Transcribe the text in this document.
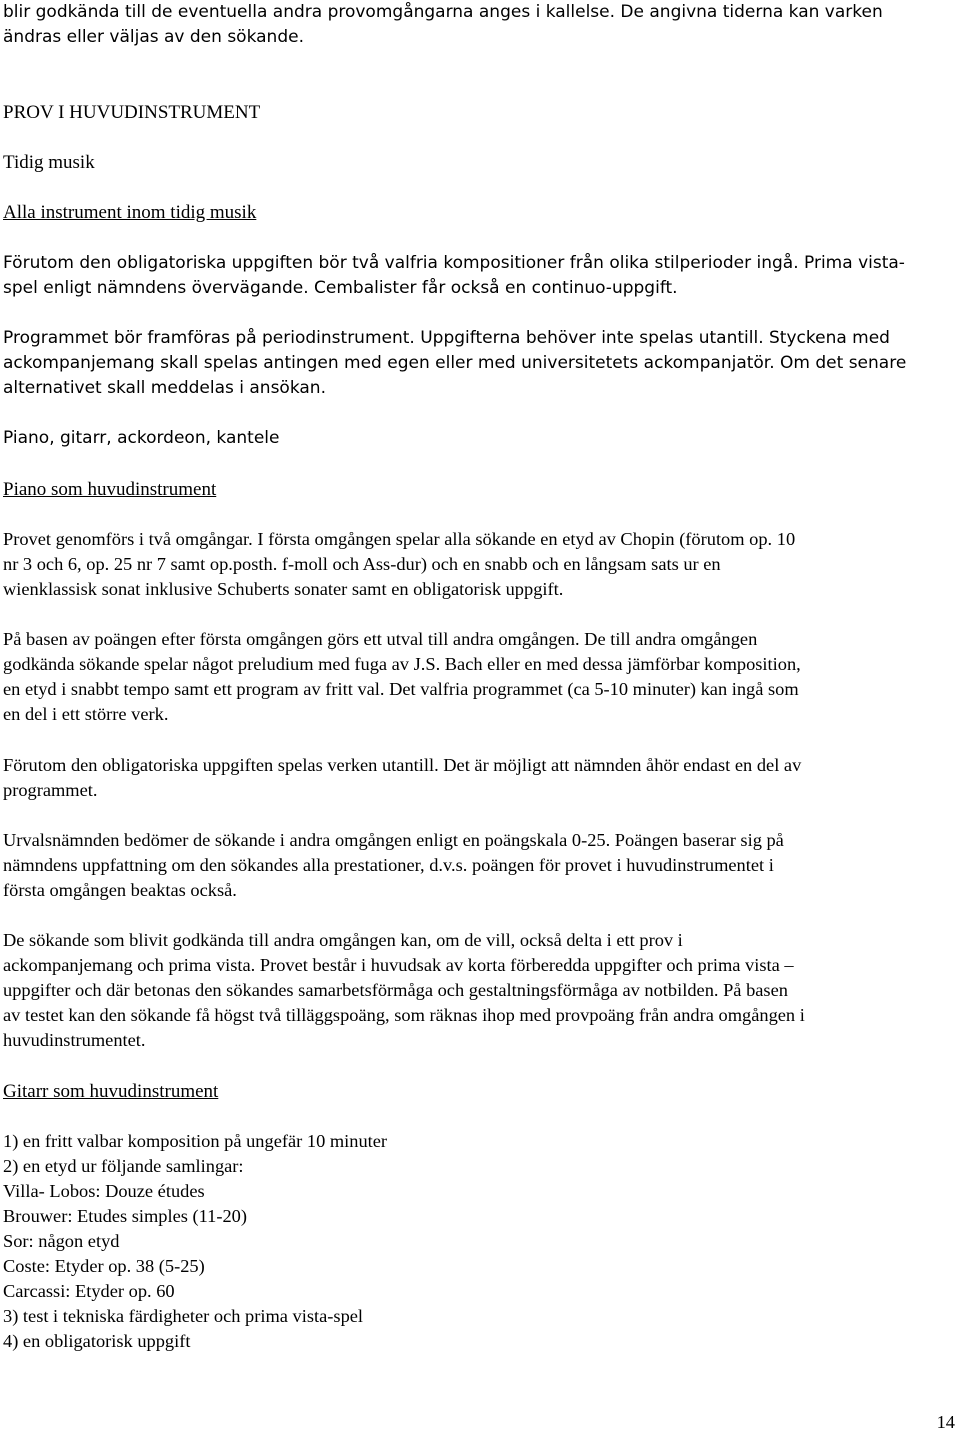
blir godkända till de eventuella andra provomgångarna anges i kallelse. De angivna tiderna kan varken

ändras eller väljas av den sökande.

PROV I HUVUDINSTRUMENT

Tidig musik

Alla instrument inom tidig musik

Förutom den obligatoriska uppgiften bör två valfria kompositioner från olika stilperioder ingå. Prima vista-

spel enligt nämndens övervägande. Cembalister får också en continuo-uppgift.

Programmet bör framföras på periodinstrument. Uppgifterna behöver inte spelas utantill. Styckena med

ackompanjemang skall spelas antingen med egen eller med universitetets ackompanjatör. Om det senare

alternativet skall meddelas i ansökan.

Piano, gitarr, ackordeon, kantele

Piano som huvudinstrument

Provet genomförs i två omgångar. I första omgången spelar alla sökande en etyd av Chopin (förutom op. 10

nr 3 och 6, op. 25 nr 7 samt op.posth. f-moll och Ass-dur) och en snabb och en långsam sats ur en

wienklassisk sonat inklusive Schuberts sonater samt en obligatorisk uppgift.

På basen av poängen efter första omgången görs ett utval till andra omgången. De till andra omgången

godkända sökande spelar något preludium med fuga av J.S. Bach eller en med dessa jämförbar komposition,

en etyd i snabbt tempo samt ett program av fritt val. Det valfria programmet (ca 5-10 minuter) kan ingå som

en del i ett större verk.

Förutom den obligatoriska uppgiften spelas verken utantill. Det är möjligt att nämnden åhör endast en del av

programmet.

Urvalsnämnden bedömer de sökande i andra omgången enligt en poängskala 0-25. Poängen baserar sig på

nämndens uppfattning om den sökandes alla prestationer, d.v.s. poängen för provet i huvudinstrumentet i

första omgången beaktas också.

De sökande som blivit godkända till andra omgången kan, om de vill, också delta i ett prov i

ackompanjemang och prima vista. Provet består i huvudsak av korta förberedda uppgifter och prima vista –

uppgifter och där betonas den sökandes samarbetsförmåga och gestaltningsförmåga av notbilden. På basen

av testet kan den sökande få högst två tilläggspoäng, som räknas ihop med provpoäng från andra omgången i

huvudinstrumentet.

Gitarr som huvudinstrument

1) en fritt valbar komposition på ungefär 10 minuter

2) en etyd ur följande samlingar:

Villa- Lobos: Douze études

Brouwer: Etudes simples (11-20)

Sor: någon etyd

Coste: Etyder op. 38 (5-25)

Carcassi: Etyder op. 60

3) test i tekniska färdigheter och prima vista-spel

4) en obligatorisk uppgift

14
